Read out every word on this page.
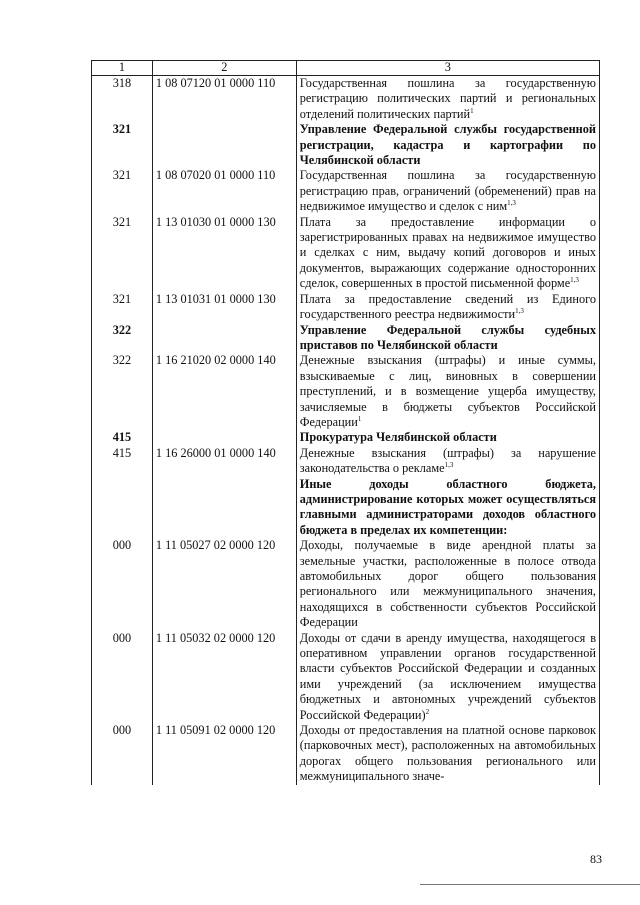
1	2	3
318	1 08 07120 01 0000 110	Государственная пошлина за государственную регистрацию политических партий и региональных отделений политических партий$^1$
321		Управление Федеральной службы государственной регистрации, кадастра и картографии по Челябинской области
321	1 08 07020 01 0000 110	Государственная пошлина за государственную регистрацию прав, ограничений (обременений) прав на недвижимое имущество и сделок с ним$^{1,3}$
321	1 13 01030 01 0000 130	Плата за предоставление информации о зарегистрированных правах на недвижимое имущество и сделках с ним, выдачу копий договоров и иных документов, выражающих содержание односторонних сделок, совершенных в простой письменной форме$^{1,3}$
321	1 13 01031 01 0000 130	Плата за предоставление сведений из Единого государственного реестра недвижимости$^{1,3}$
322		Управление Федеральной службы судебных приставов по Челябинской области
322	1 16 21020 02 0000 140	Денежные взыскания (штрафы) и иные суммы, взыскиваемые с лиц, виновных в совершении преступлений, и в возмещение ущерба имуществу, зачисляемые в бюджеты субъектов Российской Федерации$^1$
415		Прокуратура Челябинской области
415	1 16 26000 01 0000 140	Денежные взыскания (штрафы) за нарушение законодательства о рекламе$^{1,3}$
		Иные доходы областного бюджета, администрирование которых может осуществляться главными администраторами доходов областного бюджета в пределах их компетенции:
000	1 11 05027 02 0000 120	Доходы, получаемые в виде арендной платы за земельные участки, расположенные в полосе отвода автомобильных дорог общего пользования регионального или межмуниципального значения, находящихся в собственности субъектов Российской Федерации
000	1 11 05032 02 0000 120	Доходы от сдачи в аренду имущества, находящегося в оперативном управлении органов государственной власти субъектов Российской Федерации и созданных ими учреждений (за исключением имущества бюджетных и автономных учреждений субъектов Российской Федерации)$^2$
000	1 11 05091 02 0000 120	Доходы от предоставления на платной основе парковок (парковочных мест), расположенных на автомобильных дорогах общего пользования регионального или межмуниципального значе-
83
